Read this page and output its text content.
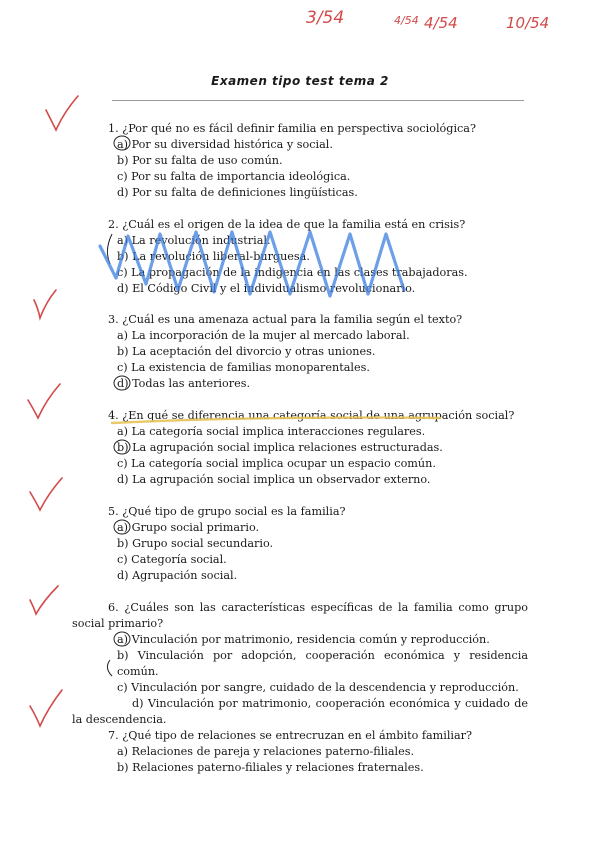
3/54	4/54 4/54	10/54
Examen tipo test tema 2
1. ¿Por qué no es fácil definir familia en perspectiva sociológica?
a) Por su diversidad histórica y social.
b) Por su falta de uso común.
c) Por su falta de importancia ideológica.
d) Por su falta de definiciones lingüísticas.
2. ¿Cuál es el origen de la idea de que la familia está en crisis?
a) La revolución industrial.
b) La revolución liberal-burguesa.
c) La propagación de la indigencia en las clases trabajadoras.
d) El Código Civil y el individualismo revolucionario.
3. ¿Cuál es una amenaza actual para la familia según el texto?
a) La incorporación de la mujer al mercado laboral.
b) La aceptación del divorcio y otras uniones.
c) La existencia de familias monoparentales.
d) Todas las anteriores.
4. ¿En qué se diferencia una categoría social de una agrupación social?
a) La categoría social implica interacciones regulares.
b) La agrupación social implica relaciones estructuradas.
c) La categoría social implica ocupar un espacio común.
d) La agrupación social implica un observador externo.
5. ¿Qué tipo de grupo social es la familia?
a) Grupo social primario.
b) Grupo social secundario.
c) Categoría social.
d) Agrupación social.
6. ¿Cuáles son las características específicas de la familia como grupo social primario?
a) Vinculación por matrimonio, residencia común y reproducción.
b) Vinculación por adopción, cooperación económica y residencia común.
c) Vinculación por sangre, cuidado de la descendencia y reproducción.
d) Vinculación por matrimonio, cooperación económica y cuidado de la descendencia.
7. ¿Qué tipo de relaciones se entrecruzan en el ámbito familiar?
a) Relaciones de pareja y relaciones paterno-filiales.
b) Relaciones paterno-filiales y relaciones fraternales.
